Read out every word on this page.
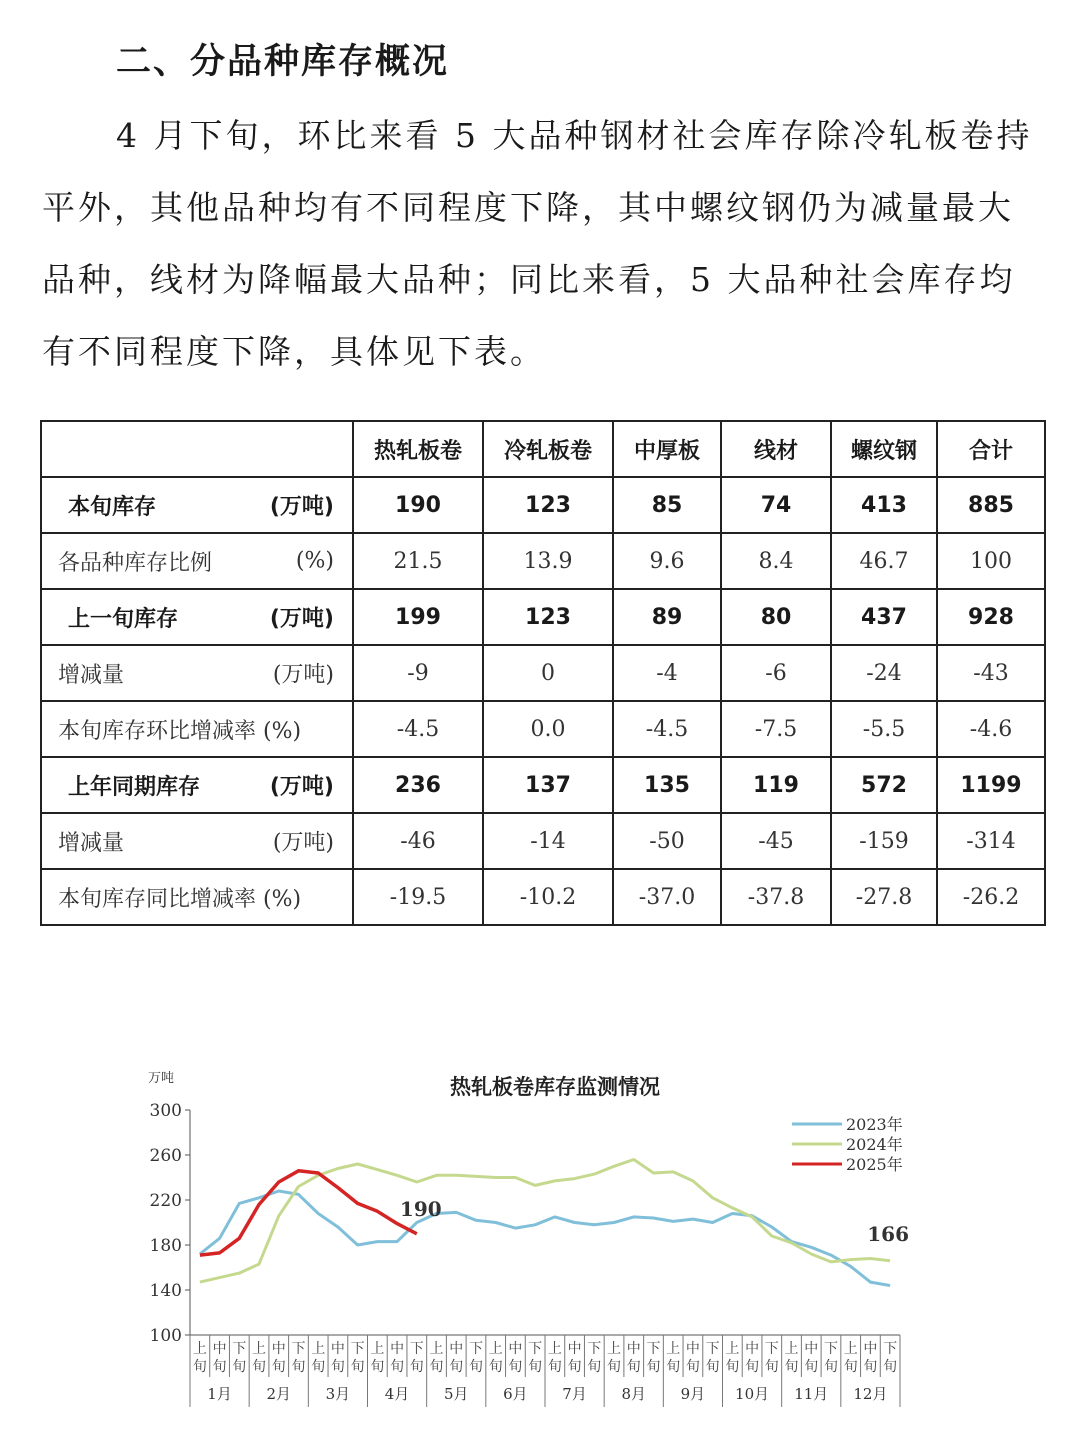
二、分品种库存概况
4 月下旬，环比来看 5 大品种钢材社会库存除冷轧板卷持
平外，其他品种均有不同程度下降，其中螺纹钢仍为减量最大
品种，线材为降幅最大品种；同比来看，5 大品种社会库存均
有不同程度下降，具体见下表。
	热轧板卷	冷轧板卷	中厚板	线材	螺纹钢	合计
本旬库存 (万吨)	190	123	85	74	413	885
各品种库存比例 (%)	21.5	13.9	9.6	8.4	46.7	100
上一旬库存 (万吨)	199	123	89	80	437	928
增减量 (万吨)	-9	0	-4	-6	-24	-43
本旬库存环比增减率 (%)	-4.5	0.0	-4.5	-7.5	-5.5	-4.6
上年同期库存 (万吨)	236	137	135	119	572	1199
增减量 (万吨)	-46	-14	-50	-45	-159	-314
本旬库存同比增减率 (%)	-19.5	-10.2	-37.0	-37.8	-27.8	-26.2
热轧板卷库存监测情况
万吨
100
140
180
220
260
300
上
旬
中
旬
下
旬
上
旬
中
旬
下
旬
上
旬
中
旬
下
旬
上
旬
中
旬
下
旬
上
旬
中
旬
下
旬
上
旬
中
旬
下
旬
上
旬
中
旬
下
旬
上
旬
中
旬
下
旬
上
旬
中
旬
下
旬
上
旬
中
旬
下
旬
上
旬
中
旬
下
旬
上
旬
中
旬
下
旬
1月 2月 3月 4月 5月 6月 7月 8月 9月 10月 11月 12月
190
166
2023年
2024年
2025年
